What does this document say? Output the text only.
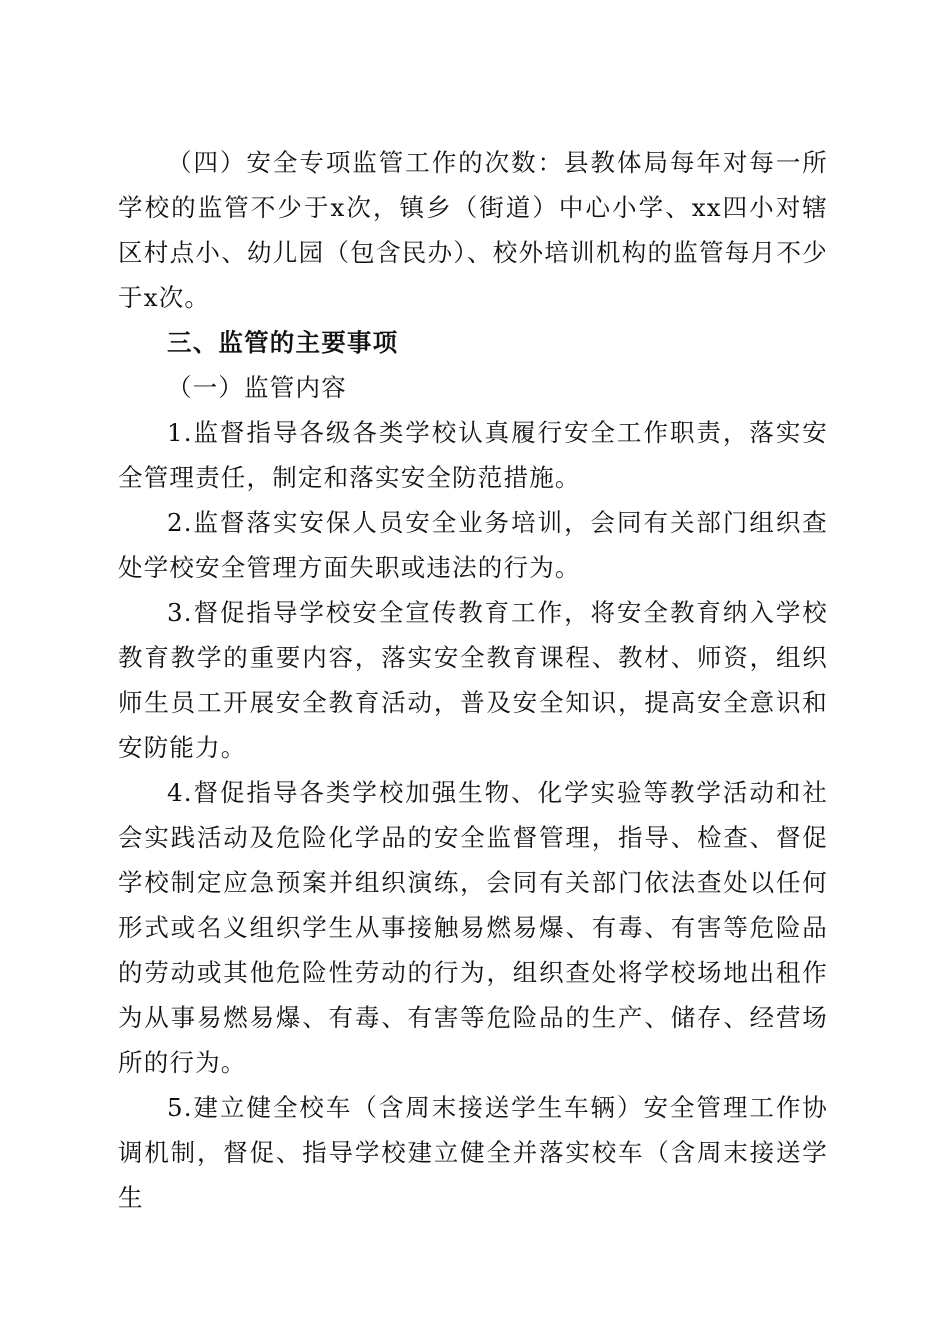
（四）安全专项监管工作的次数：县教体局每年对每一所学校的监管不少于x次，镇乡（街道）中心小学、xx四小对辖区村点小、幼儿园（包含民办）、校外培训机构的监管每月不少于x次。

三、监管的主要事项

（一）监管内容

1.监督指导各级各类学校认真履行安全工作职责，落实安全管理责任，制定和落实安全防范措施。

2.监督落实安保人员安全业务培训，会同有关部门组织查处学校安全管理方面失职或违法的行为。

3.督促指导学校安全宣传教育工作，将安全教育纳入学校教育教学的重要内容，落实安全教育课程、教材、师资，组织师生员工开展安全教育活动，普及安全知识，提高安全意识和安防能力。

4.督促指导各类学校加强生物、化学实验等教学活动和社会实践活动及危险化学品的安全监督管理，指导、检查、督促学校制定应急预案并组织演练，会同有关部门依法查处以任何形式或名义组织学生从事接触易燃易爆、有毒、有害等危险品的劳动或其他危险性劳动的行为，组织查处将学校场地出租作为从事易燃易爆、有毒、有害等危险品的生产、储存、经营场所的行为。

5.建立健全校车（含周末接送学生车辆）安全管理工作协调机制，督促、指导学校建立健全并落实校车（含周末接送学生
